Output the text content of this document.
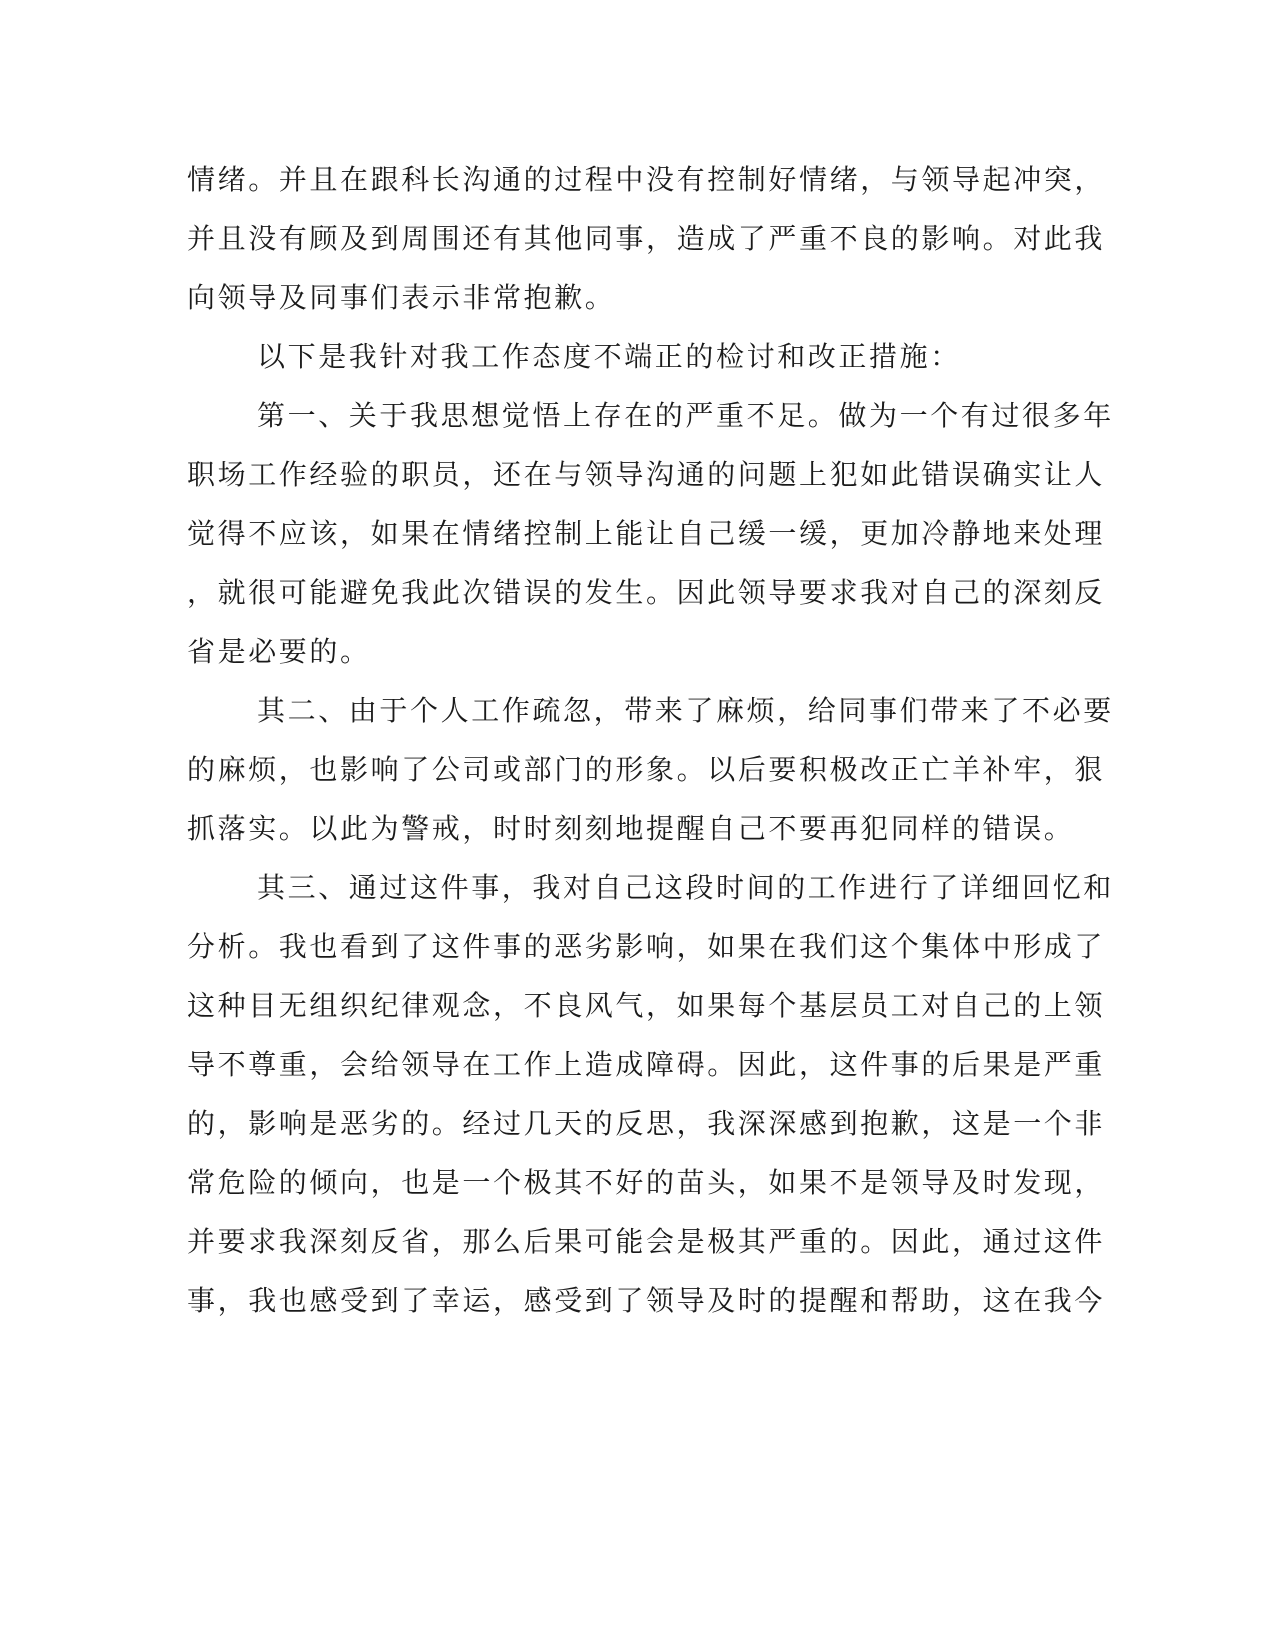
情绪。并且在跟科长沟通的过程中没有控制好情绪，与领导起冲突，
并且没有顾及到周围还有其他同事，造成了严重不良的影响。对此我
向领导及同事们表示非常抱歉。
以下是我针对我工作态度不端正的检讨和改正措施：
第一、关于我思想觉悟上存在的严重不足。做为一个有过很多年
职场工作经验的职员，还在与领导沟通的问题上犯如此错误确实让人
觉得不应该，如果在情绪控制上能让自己缓一缓，更加冷静地来处理
，就很可能避免我此次错误的发生。因此领导要求我对自己的深刻反
省是必要的。
其二、由于个人工作疏忽，带来了麻烦，给同事们带来了不必要
的麻烦，也影响了公司或部门的形象。以后要积极改正亡羊补牢，狠
抓落实。以此为警戒，时时刻刻地提醒自己不要再犯同样的错误。
其三、通过这件事，我对自己这段时间的工作进行了详细回忆和
分析。我也看到了这件事的恶劣影响，如果在我们这个集体中形成了
这种目无组织纪律观念，不良风气，如果每个基层员工对自己的上领
导不尊重，会给领导在工作上造成障碍。因此，这件事的后果是严重
的，影响是恶劣的。经过几天的反思，我深深感到抱歉，这是一个非
常危险的倾向，也是一个极其不好的苗头，如果不是领导及时发现，
并要求我深刻反省，那么后果可能会是极其严重的。因此，通过这件
事，我也感受到了幸运，感受到了领导及时的提醒和帮助，这在我今
